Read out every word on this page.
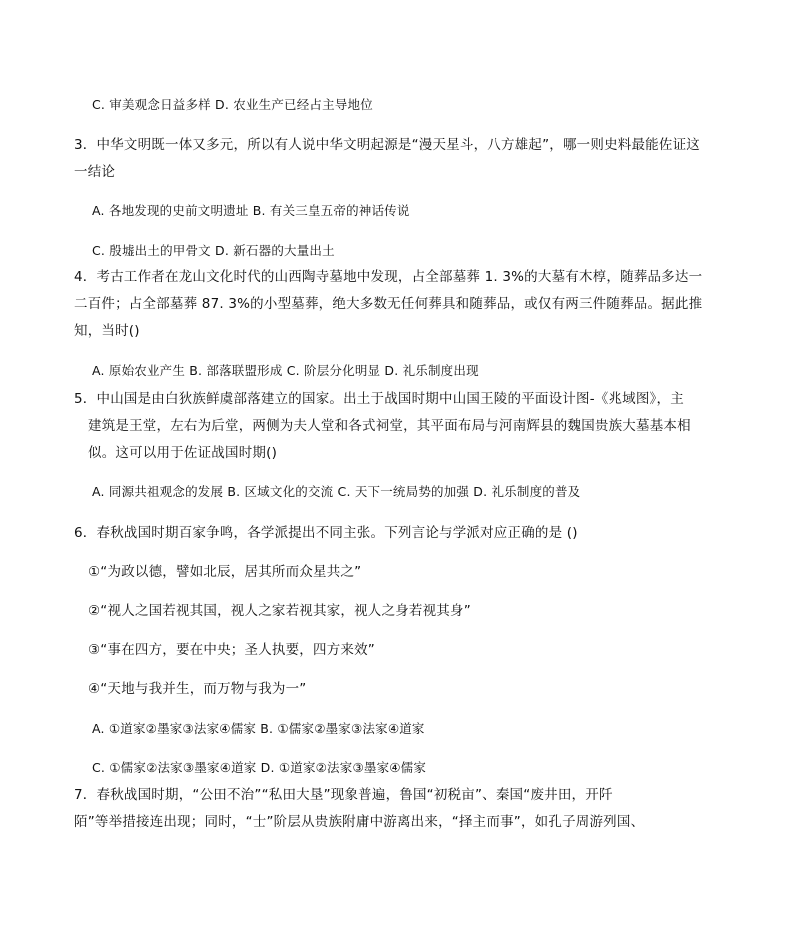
C. 审美观念日益多样 D. 农业生产已经占主导地位
3．中华文明既一体又多元，所以有人说中华文明起源是“漫天星斗，八方雄起”，哪一则史料最能佐证这
一结论
A. 各地发现的史前文明遗址 B. 有关三皇五帝的神话传说
C. 殷墟出土的甲骨文 D. 新石器的大量出土
4．考古工作者在龙山文化时代的山西陶寺墓地中发现，占全部墓葬 1. 3%的大墓有木椁，随葬品多达一
二百件；占全部墓葬 87. 3%的小型墓葬，绝大多数无任何葬具和随葬品，或仅有两三件随葬品。据此推
知，当时()
A. 原始农业产生 B. 部落联盟形成 C. 阶层分化明显 D. 礼乐制度出现
5．中山国是由白狄族鲜虞部落建立的国家。出土于战国时期中山国王陵的平面设计图-《兆域图》，主
建筑是王堂，左右为后堂，两侧为夫人堂和各式祠堂，其平面布局与河南辉县的魏国贵族大墓基本相
似。这可以用于佐证战国时期()
A. 同源共祖观念的发展 B. 区域文化的交流 C. 天下一统局势的加强 D. 礼乐制度的普及
6．春秋战国时期百家争鸣，各学派提出不同主张。下列言论与学派对应正确的是 ()
①“为政以德，譬如北辰，居其所而众星共之”
②“视人之国若视其国，视人之家若视其家，视人之身若视其身”
③“事在四方，要在中央；圣人执要，四方来效”
④“天地与我并生，而万物与我为一”
A. ①道家②墨家③法家④儒家 B. ①儒家②墨家③法家④道家
C. ①儒家②法家③墨家④道家 D. ①道家②法家③墨家④儒家
7．春秋战国时期，“公田不治”“私田大垦”现象普遍，鲁国“初税亩”、秦国“废井田，开阡
陌”等举措接连出现；同时，“士”阶层从贵族附庸中游离出来，“择主而事”，如孔子周游列国、
